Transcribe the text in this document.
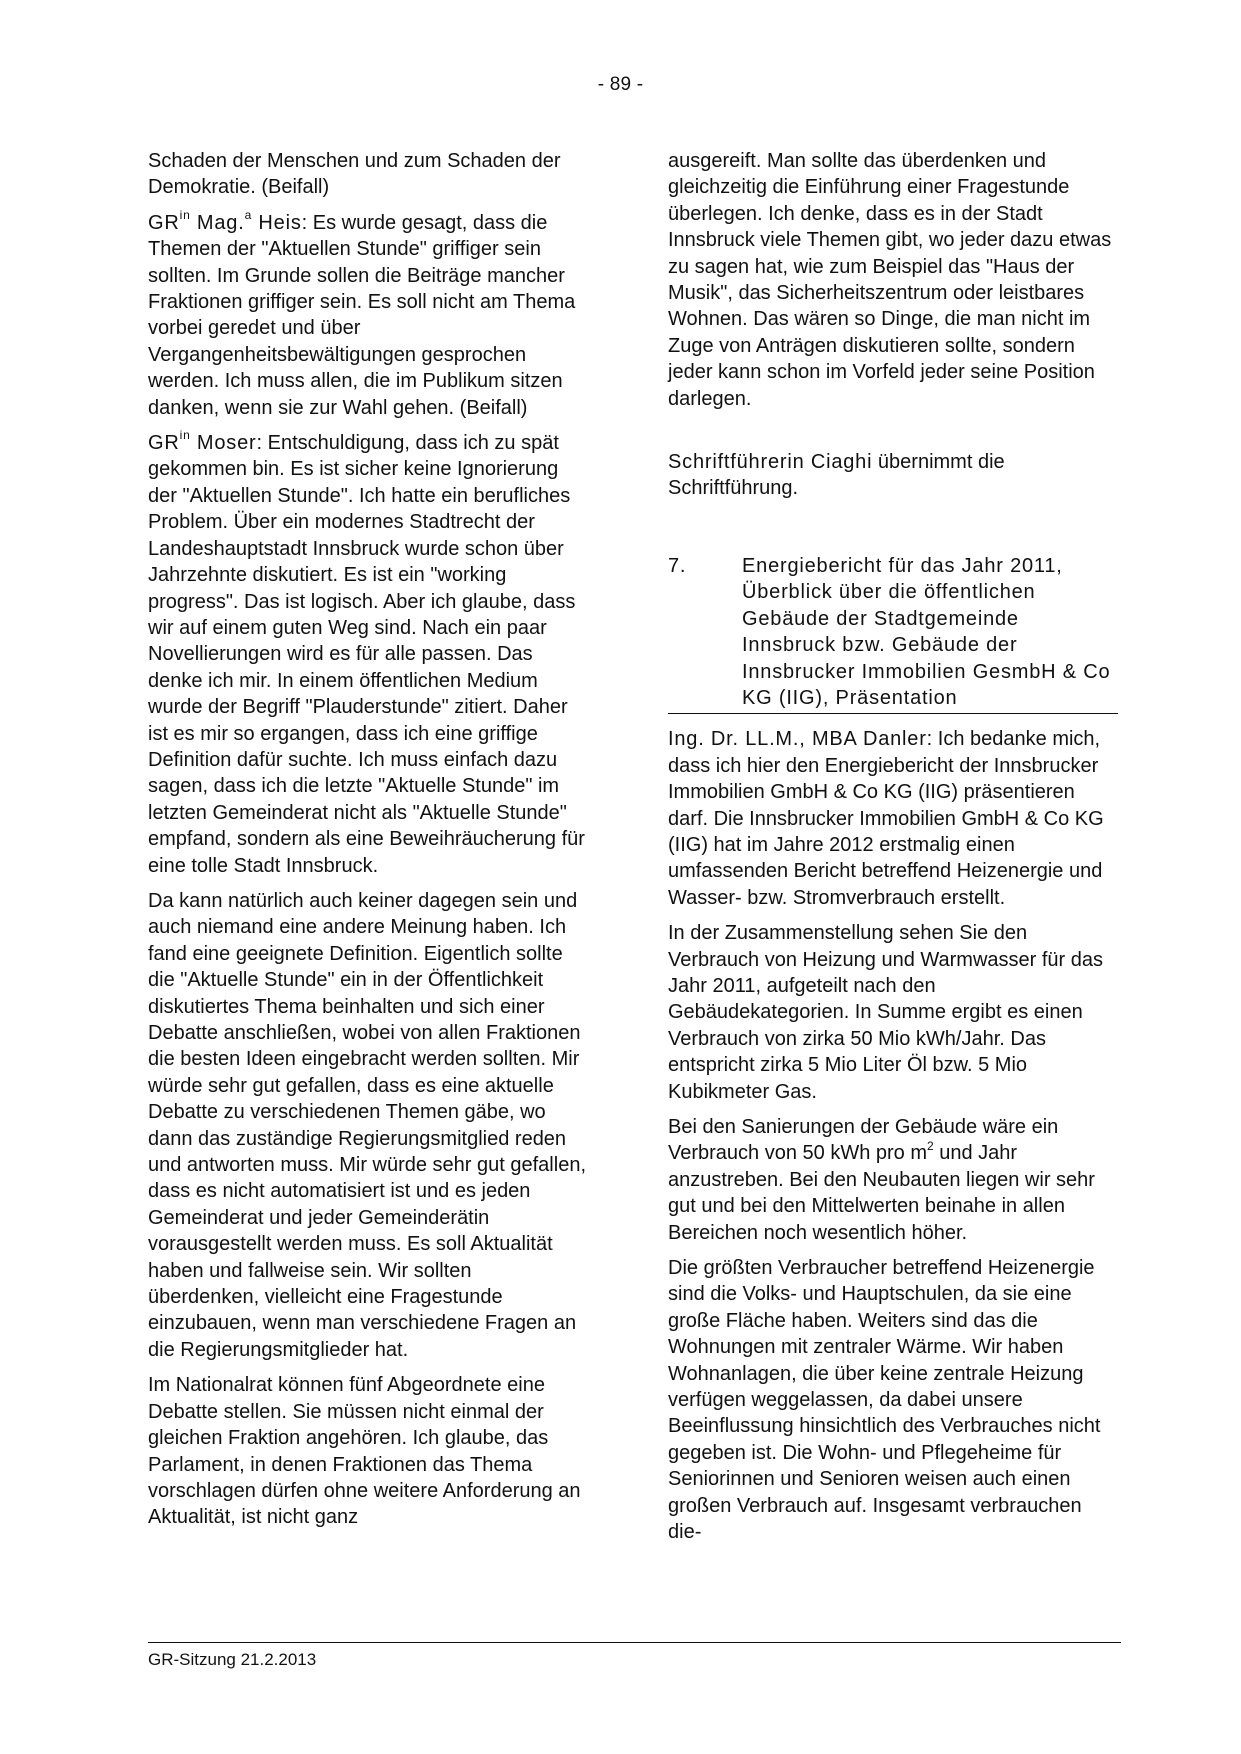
- 89 -

Schaden der Menschen und zum Schaden der Demokratie. (Beifall)

$GR^{in}$ Mag.$^a$ Heis: Es wurde gesagt, dass die Themen der "Aktuellen Stunde" griffiger sein sollten. Im Grunde sollen die Beiträge mancher Fraktionen griffiger sein. Es soll nicht am Thema vorbei geredet und über Vergangenheitsbewältigungen gesprochen werden. Ich muss allen, die im Publikum sitzen danken, wenn sie zur Wahl gehen. (Beifall)

$GR^{in}$ Moser: Entschuldigung, dass ich zu spät gekommen bin. Es ist sicher keine Ignorierung der "Aktuellen Stunde". Ich hatte ein berufliches Problem. Über ein modernes Stadtrecht der Landeshauptstadt Innsbruck wurde schon über Jahrzehnte diskutiert. Es ist ein "working progress". Das ist logisch. Aber ich glaube, dass wir auf einem guten Weg sind. Nach ein paar Novellierungen wird es für alle passen. Das denke ich mir. In einem öffentlichen Medium wurde der Begriff "Plauderstunde" zitiert. Daher ist es mir so ergangen, dass ich eine griffige Definition dafür suchte. Ich muss einfach dazu sagen, dass ich die letzte "Aktuelle Stunde" im letzten Gemeinderat nicht als "Aktuelle Stunde" empfand, sondern als eine Beweihräucherung für eine tolle Stadt Innsbruck.

Da kann natürlich auch keiner dagegen sein und auch niemand eine andere Meinung haben. Ich fand eine geeignete Definition. Eigentlich sollte die "Aktuelle Stunde" ein in der Öffentlichkeit diskutiertes Thema beinhalten und sich einer Debatte anschließen, wobei von allen Fraktionen die besten Ideen eingebracht werden sollten. Mir würde sehr gut gefallen, dass es eine aktuelle Debatte zu verschiedenen Themen gäbe, wo dann das zuständige Regierungsmitglied reden und antworten muss. Mir würde sehr gut gefallen, dass es nicht automatisiert ist und es jeden Gemeinderat und jeder Gemeinderätin vorausgestellt werden muss. Es soll Aktualität haben und fallweise sein. Wir sollten überdenken, vielleicht eine Fragestunde einzubauen, wenn man verschiedene Fragen an die Regierungsmitglieder hat.

Im Nationalrat können fünf Abgeordnete eine Debatte stellen. Sie müssen nicht einmal der gleichen Fraktion angehören. Ich glaube, das Parlament, in denen Fraktionen das Thema vorschlagen dürfen ohne weitere Anforderung an Aktualität, ist nicht ganz

ausgereift. Man sollte das überdenken und gleichzeitig die Einführung einer Fragestunde überlegen. Ich denke, dass es in der Stadt Innsbruck viele Themen gibt, wo jeder dazu etwas zu sagen hat, wie zum Beispiel das "Haus der Musik", das Sicherheitszentrum oder leistbares Wohnen. Das wären so Dinge, die man nicht im Zuge von Anträgen diskutieren sollte, sondern jeder kann schon im Vorfeld jeder seine Position darlegen.

Schriftführerin Ciaghi übernimmt die Schriftführung.

7.	Energiebericht für das Jahr 2011, Überblick über die öffentlichen Gebäude der Stadtgemeinde Innsbruck bzw. Gebäude der Innsbrucker Immobilien GesmbH & Co KG (IIG), Präsentation

Ing. Dr. LL.M., MBA Danler: Ich bedanke mich, dass ich hier den Energiebericht der Innsbrucker Immobilien GmbH & Co KG (IIG) präsentieren darf. Die Innsbrucker Immobilien GmbH & Co KG (IIG) hat im Jahre 2012 erstmalig einen umfassenden Bericht betreffend Heizenergie und Wasser- bzw. Stromverbrauch erstellt.

In der Zusammenstellung sehen Sie den Verbrauch von Heizung und Warmwasser für das Jahr 2011, aufgeteilt nach den Gebäudekategorien. In Summe ergibt es einen Verbrauch von zirka 50 Mio kWh/Jahr. Das entspricht zirka 5 Mio Liter Öl bzw. 5 Mio Kubikmeter Gas.

Bei den Sanierungen der Gebäude wäre ein Verbrauch von 50 kWh pro $m^2$ und Jahr anzustreben. Bei den Neubauten liegen wir sehr gut und bei den Mittelwerten beinahe in allen Bereichen noch wesentlich höher.

Die größten Verbraucher betreffend Heizenergie sind die Volks- und Hauptschulen, da sie eine große Fläche haben. Weiters sind das die Wohnungen mit zentraler Wärme. Wir haben Wohnanlagen, die über keine zentrale Heizung verfügen weggelassen, da dabei unsere Beeinflussung hinsichtlich des Verbrauches nicht gegeben ist. Die Wohn- und Pflegeheime für Seniorinnen und Senioren weisen auch einen großen Verbrauch auf. Insgesamt verbrauchen die-

GR-Sitzung 21.2.2013
